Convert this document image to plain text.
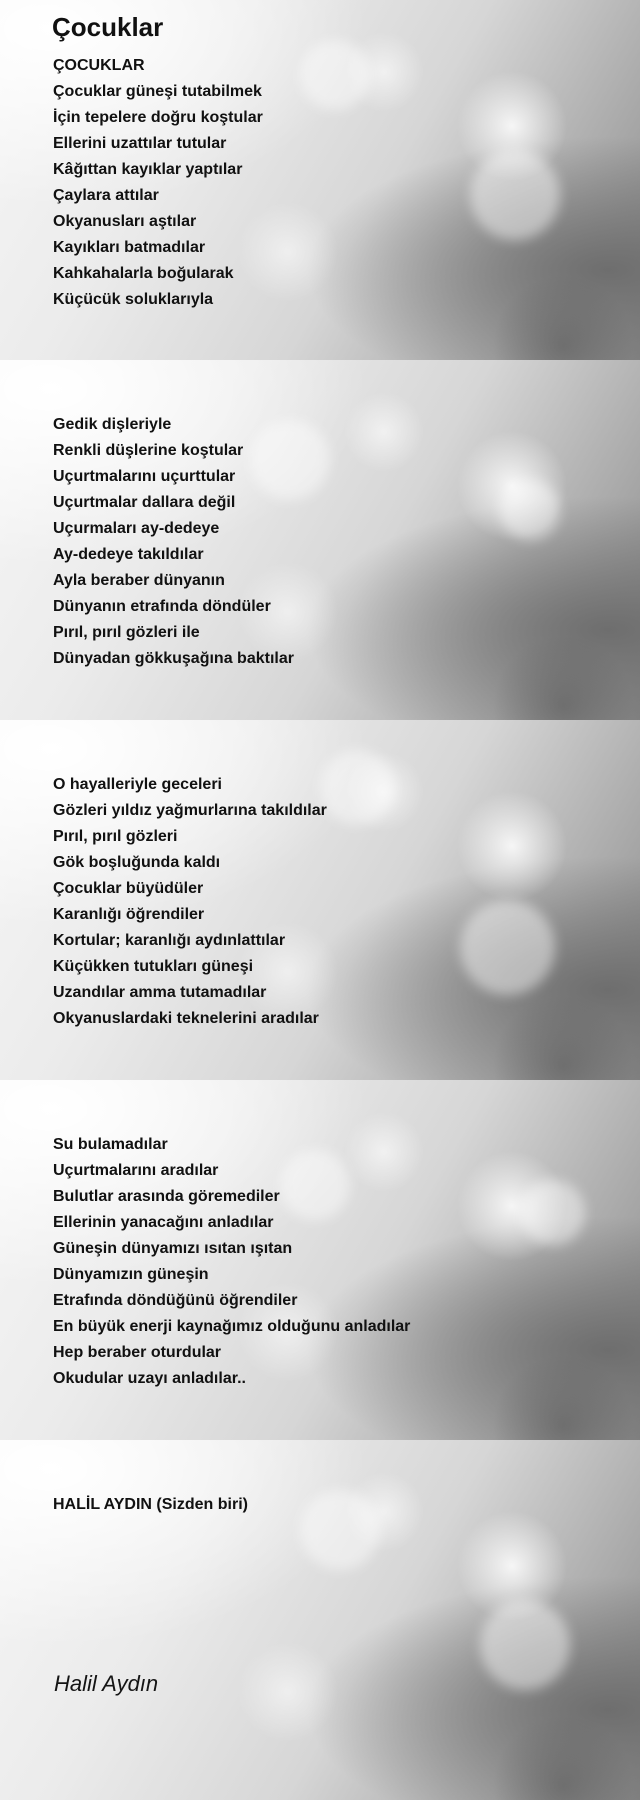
Çocuklar
ÇOCUKLAR
Çocuklar güneşi tutabilmek
İçin tepelere doğru koştular
Ellerini uzattılar tutular
Kâğıttan kayıklar yaptılar
Çaylara attılar
Okyanusları aştılar
Kayıkları batmadılar
Kahkahalarla boğularak
Küçücük soluklarıyla
Gedik dişleriyle
Renkli düşlerine koştular
Uçurtmalarını uçurttular
Uçurtmalar dallara değil
Uçurmaları ay-dedeye
Ay-dedeye takıldılar
Ayla beraber dünyanın
Dünyanın etrafında döndüler
Pırıl, pırıl gözleri ile
Dünyadan gökkuşağına baktılar
O hayalleriyle geceleri
Gözleri yıldız yağmurlarına takıldılar
Pırıl, pırıl gözleri
Gök boşluğunda kaldı
Çocuklar büyüdüler
Karanlığı öğrendiler
Kortular; karanlığı aydınlattılar
Küçükken tutukları güneşi
Uzandılar amma tutamadılar
Okyanuslardaki teknelerini aradılar
Su bulamadılar
Uçurtmalarını aradılar
Bulutlar arasında göremediler
Ellerinin yanacağını anladılar
Güneşin dünyamızı ısıtan ışıtan
Dünyamızın güneşin
Etrafında döndüğünü öğrendiler
En büyük enerji kaynağımız olduğunu anladılar
Hep beraber oturdular
Okudular uzayı anladılar..
HALİL AYDIN (Sizden biri)

Halil Aydın
